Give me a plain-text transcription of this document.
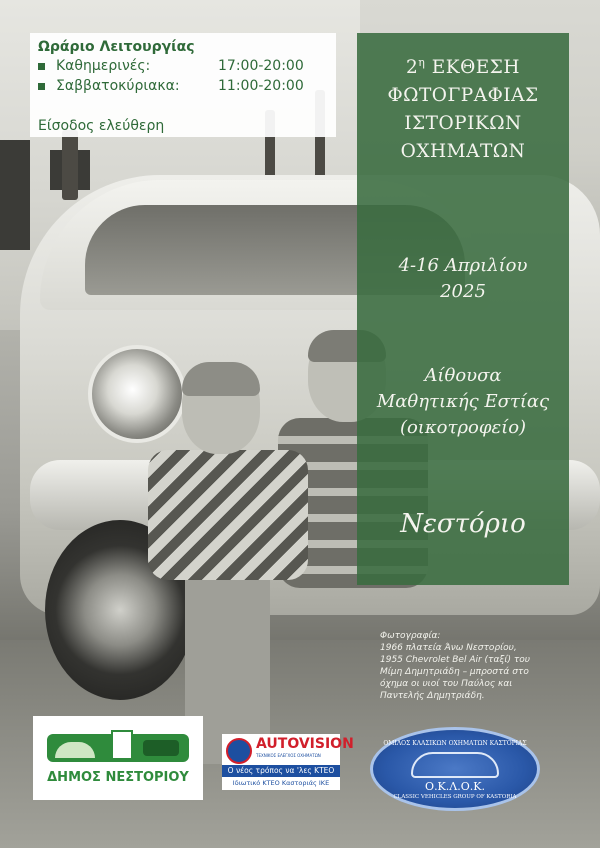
Ωράριο Λειτουργίας
Καθημερινές:	17:00-20:00
Σαββατοκύριακα:	11:00-20:00
Είσοδος ελεύθερη
$2^\eta$ ΕΚΘΕΣΗ
ΦΩΤΟΓΡΑΦΙΑΣ
ΙΣΤΟΡΙΚΩΝ
ΟΧΗΜΑΤΩΝ
4-16 Απριλίου
2025
Αίθουσα
Μαθητικής Εστίας
(οικοτροφείο)
Νεστόριο
Φωτογραφία:
1966 πλατεία Άνω Νεστορίου,
1955 Chevrolet Bel Air (ταξί) του
Μίμη Δημητριάδη – μπροστά στο
όχημα οι υιοί του Παύλος και
Παντελής Δημητριάδη.
ΔΗΜΟΣ ΝΕΣΤΟΡΙΟΥ
AUTOVISION
ΤΕΧΝΙΚΟΣ ΕΛΕΓΧΟΣ ΟΧΗΜΑΤΩΝ
Ο νέος τρόπος να 'λες ΚΤΕΟ
Ιδιωτικό ΚΤΕΟ Καστοριάς ΙΚΕ
ΟΜΙΛΟΣ ΚΛΑΣΙΚΩΝ ΟΧΗΜΑΤΩΝ ΚΑΣΤΟΡΙΑΣ
Ο.Κ.Λ.Ο.Κ.
CLASSIC VEHICLES GROUP OF KASTORIA
